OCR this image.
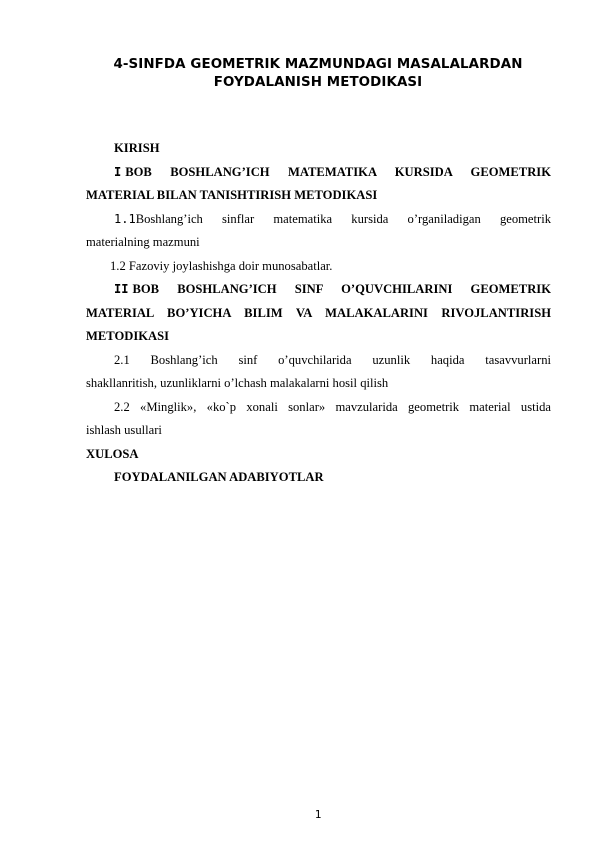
4-SINFDA GEOMETRIK MAZMUNDAGI MASALALARDAN
FOYDALANISH METODIKASI
KIRISH
I BOB BOSHLANG’ICH MATEMATIKA KURSIDA GEOMETRIK
MATERIAL BILAN TANISHTIRISH METODIKASI
1.1Boshlang’ich sinflar matematika kursida o’rganiladigan geometrik
materialning mazmuni
1.2 Fazoviy joylashishga doir munosabatlar.
II BOB BOSHLANG’ICH SINF O’QUVCHILARINI GEOMETRIK
MATERIAL BO’YICHA BILIM VA MALAKALARINI RIVOJLANTIRISH
METODIKASI
2.1 Boshlang’ich sinf o’quvchilarida uzunlik haqida tasavvurlarni
shakllanritish, uzunliklarni o’lchash malakalarni hosil qilish
2.2 «Minglik», «ko`p xonali sonlar» mavzularida geometrik material ustida
ishlash usullari
XULOSA
FOYDALANILGAN ADABIYOTLAR
1
